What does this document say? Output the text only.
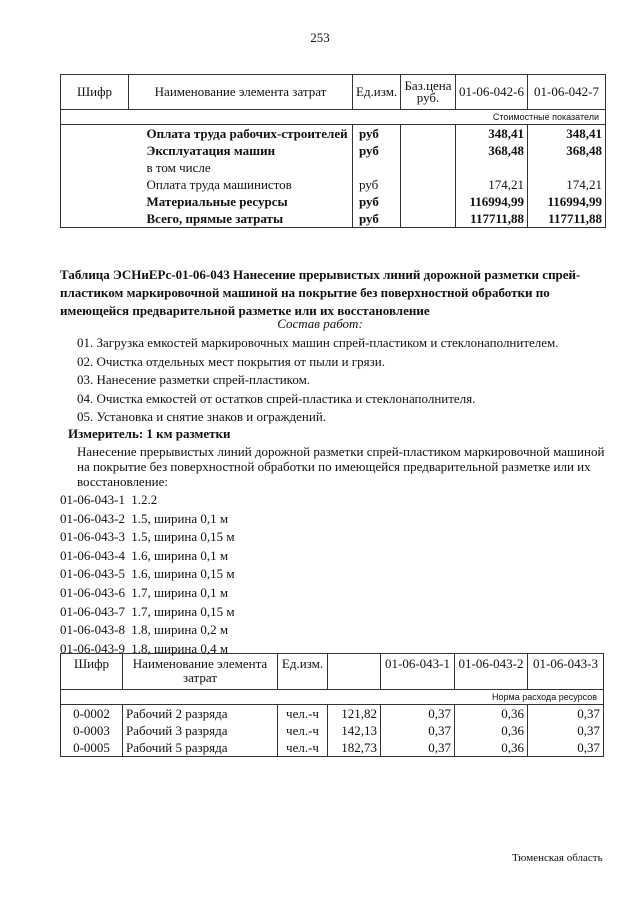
253
Шифр	Наименование элемента затрат	Ед.изм.	Баз.цена руб.	01-06-042-6	01-06-042-7
Стоимостные показатели					
	Оплата труда рабочих-строителей	руб		348,41	348,41
	Эксплуатация машин	руб		368,48	368,48
	в том числе				
	Оплата труда машинистов	руб		174,21	174,21
	Материальные ресурсы	руб		116994,99	116994,99
	Всего, прямые затраты	руб		117711,88	117711,88
Таблица ЭСНиЕРс-01-06-043 Нанесение прерывистых линий дорожной разметки спрей-пластиком маркировочной машиной на покрытие без поверхностной обработки по имеющейся предварительной разметке или их восстановление
Состав работ:
01. Загрузка емкостей маркировочных машин спрей-пластиком и стеклонаполнителем.
02. Очистка отдельных мест покрытия от пыли и грязи.
03. Нанесение разметки спрей-пластиком.
04. Очистка емкостей от остатков спрей-пластика и стеклонаполнителя.
05. Установка и снятие знаков и ограждений.
Измеритель: 1 км разметки
Нанесение прерывистых линий дорожной разметки спрей-пластиком маркировочной машиной на покрытие без поверхностной обработки по имеющейся предварительной разметке или их восстановление:
01-06-043-1 1.2.2
01-06-043-2 1.5, ширина 0,1 м
01-06-043-3 1.5, ширина 0,15 м
01-06-043-4 1.6, ширина 0,1 м
01-06-043-5 1.6, ширина 0,15 м
01-06-043-6 1.7, ширина 0,1 м
01-06-043-7 1.7, ширина 0,15 м
01-06-043-8 1.8, ширина 0,2 м
01-06-043-9 1.8, ширина 0,4 м
Шифр	Наименование элемента затрат	Ед.изм.		01-06-043-1	01-06-043-2	01-06-043-3
Норма расхода ресурсов						
0-0002	Рабочий 2 разряда	чел.-ч	121,82	0,37	0,36	0,37
0-0003	Рабочий 3 разряда	чел.-ч	142,13	0,37	0,36	0,37
0-0005	Рабочий 5 разряда	чел.-ч	182,73	0,37	0,36	0,37
Тюменская область
